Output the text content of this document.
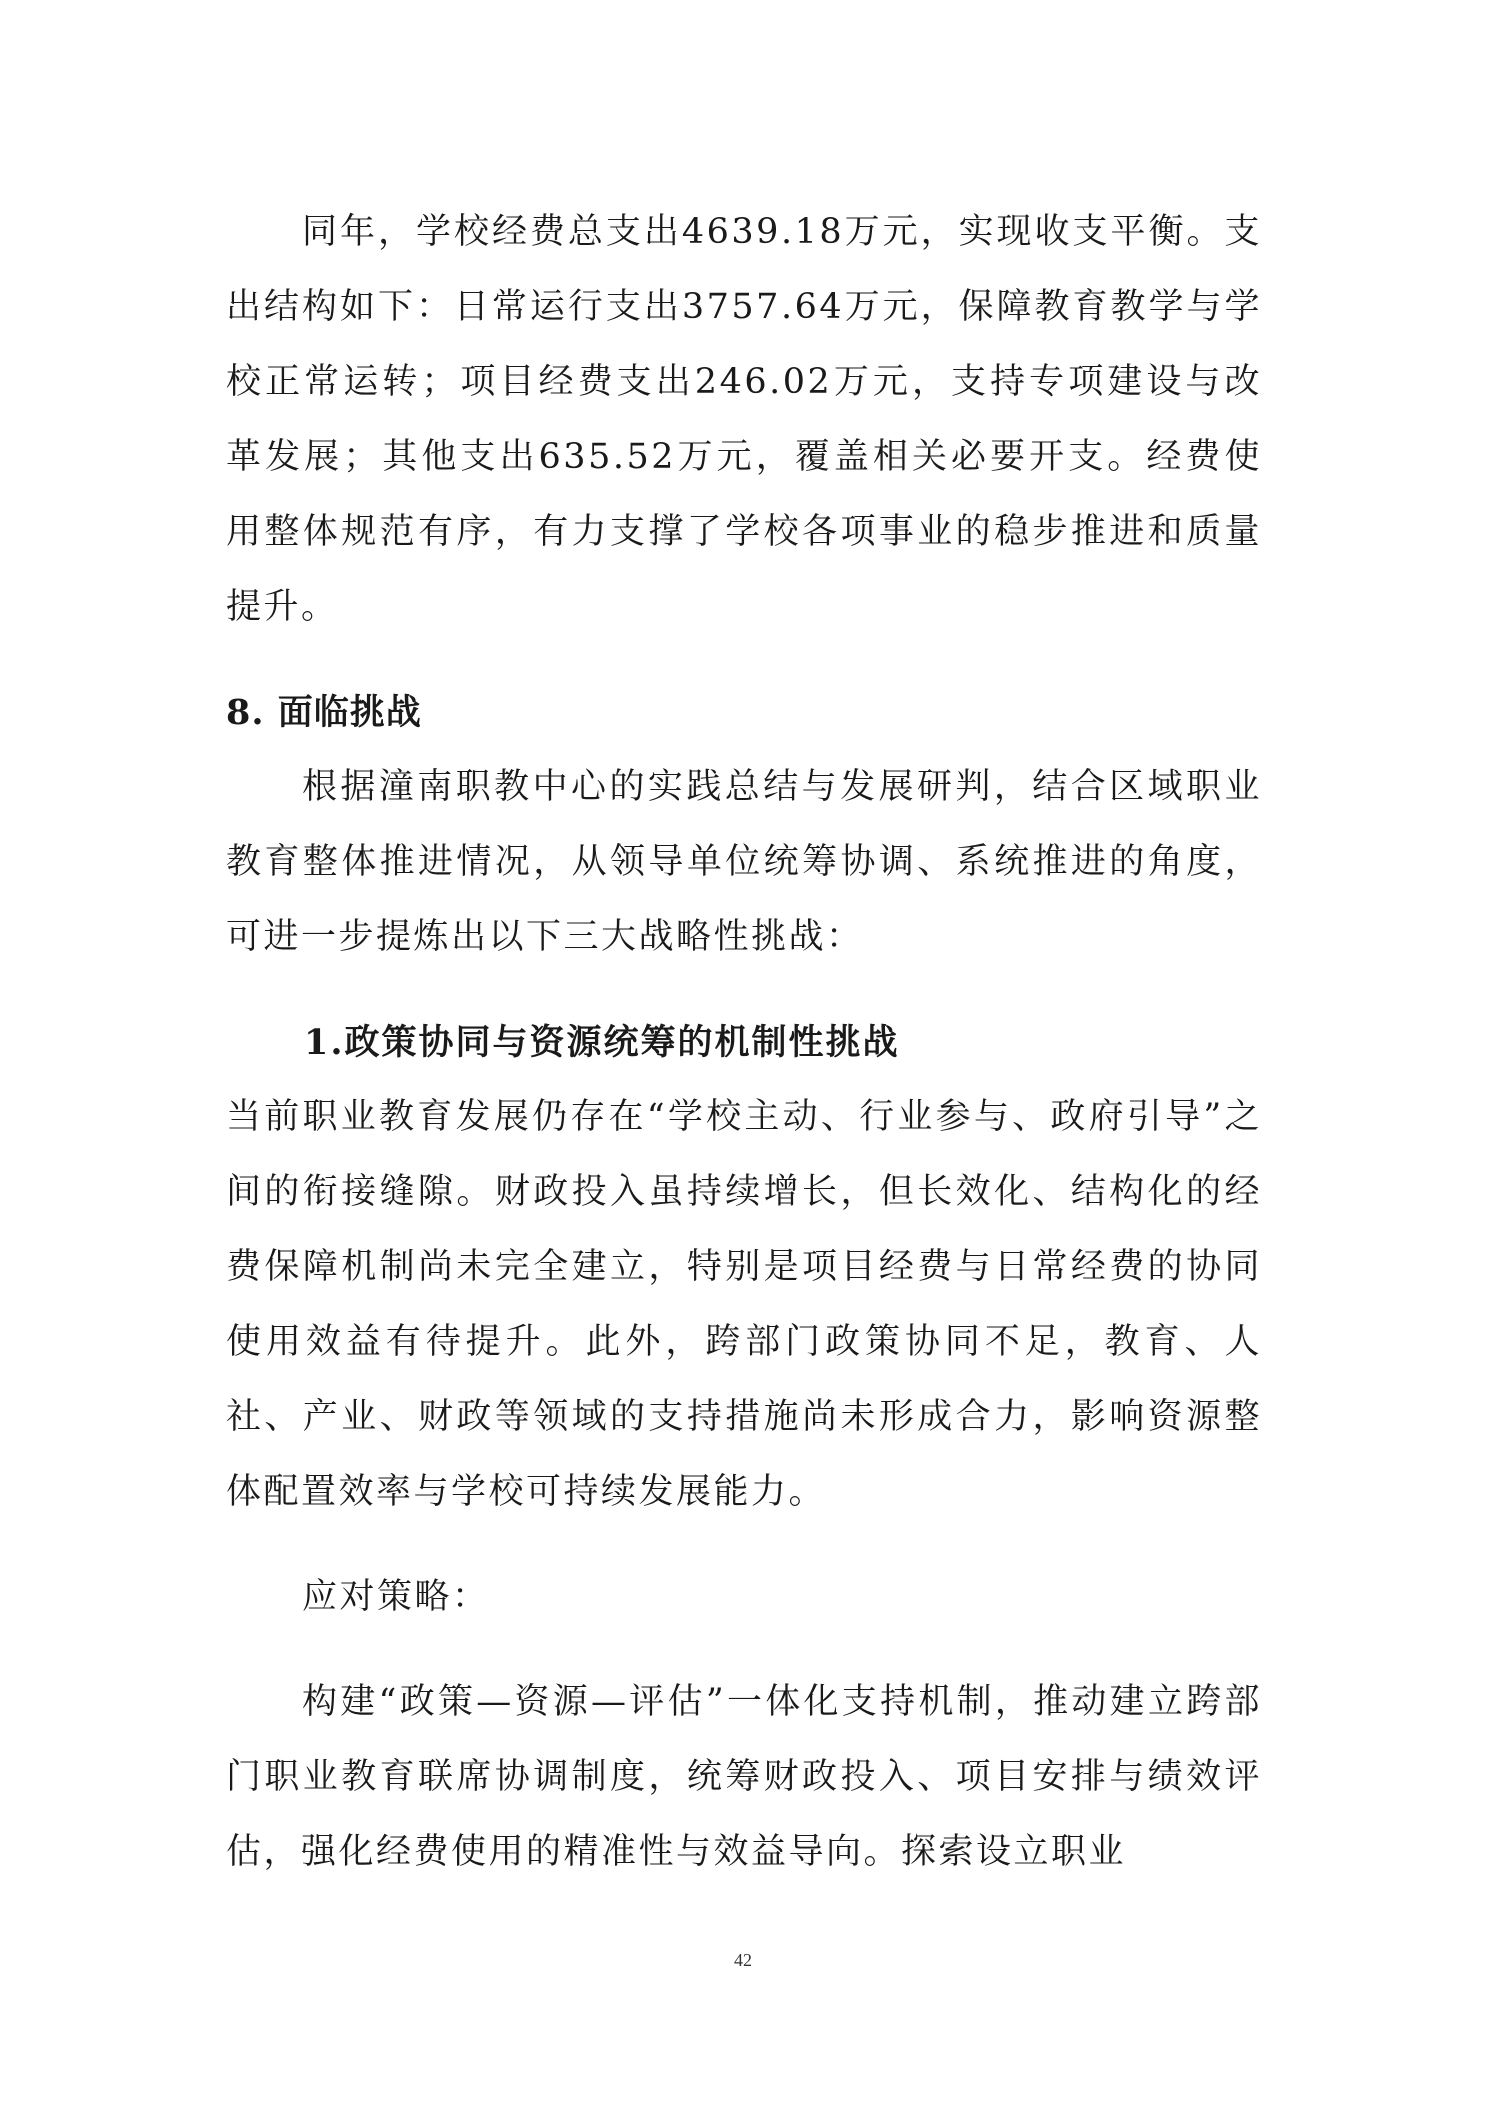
同年，学校经费总支出4639.18万元，实现收支平衡。支出结构如下：日常运行支出3757.64万元，保障教育教学与学校正常运转；项目经费支出246.02万元，支持专项建设与改革发展；其他支出635.52万元，覆盖相关必要开支。经费使用整体规范有序，有力支撑了学校各项事业的稳步推进和质量提升。

8. 面临挑战

根据潼南职教中心的实践总结与发展研判，结合区域职业教育整体推进情况，从领导单位统筹协调、系统推进的角度，可进一步提炼出以下三大战略性挑战：

1.政策协同与资源统筹的机制性挑战

当前职业教育发展仍存在“学校主动、行业参与、政府引导”之间的衔接缝隙。财政投入虽持续增长，但长效化、结构化的经费保障机制尚未完全建立，特别是项目经费与日常经费的协同使用效益有待提升。此外，跨部门政策协同不足，教育、人社、产业、财政等领域的支持措施尚未形成合力，影响资源整体配置效率与学校可持续发展能力。

应对策略：

构建“政策—资源—评估”一体化支持机制，推动建立跨部门职业教育联席协调制度，统筹财政投入、项目安排与绩效评估，强化经费使用的精准性与效益导向。探索设立职业

42
